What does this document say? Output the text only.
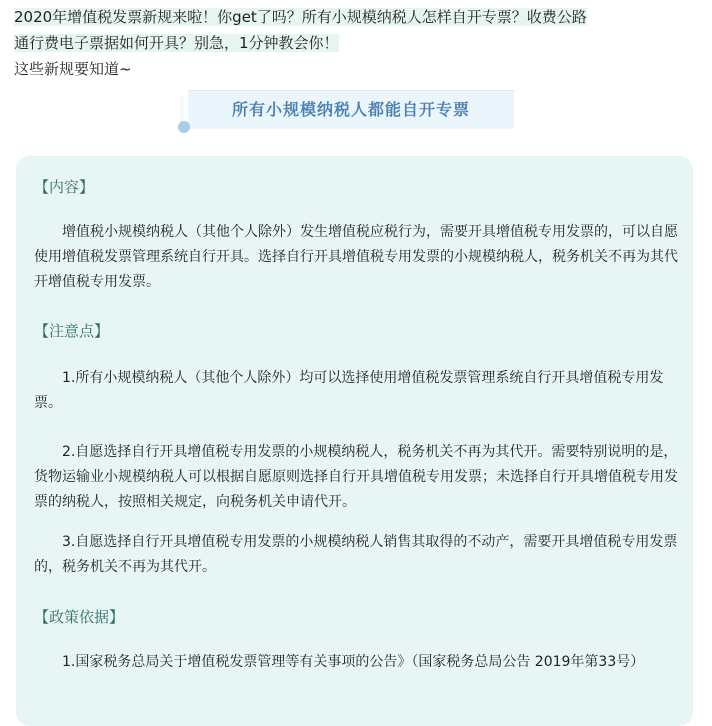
2020年增值税发票新规来啦！你get了吗？所有小规模纳税人怎样自开专票？收费公路
通行费电子票据如何开具？别急，1分钟教会你！
这些新规要知道~
所有小规模纳税人都能自开专票
【内容】
　　增值税小规模纳税人（其他个人除外）发生增值税应税行为，需要开具增值税专用发票的，可以自愿使用增值税发票管理系统自行开具。选择自行开具增值税专用发票的小规模纳税人，税务机关不再为其代开增值税专用发票。
【注意点】
　　1.所有小规模纳税人（其他个人除外）均可以选择使用增值税发票管理系统自行开具增值税专用发票。
　　2.自愿选择自行开具增值税专用发票的小规模纳税人，税务机关不再为其代开。需要特别说明的是，货物运输业小规模纳税人可以根据自愿原则选择自行开具增值税专用发票；未选择自行开具增值税专用发票的纳税人，按照相关规定，向税务机关申请代开。
　　3.自愿选择自行开具增值税专用发票的小规模纳税人销售其取得的不动产，需要开具增值税专用发票的，税务机关不再为其代开。
【政策依据】
　　1.国家税务总局关于增值税发票管理等有关事项的公告》（国家税务总局公告 2019年第33号）
